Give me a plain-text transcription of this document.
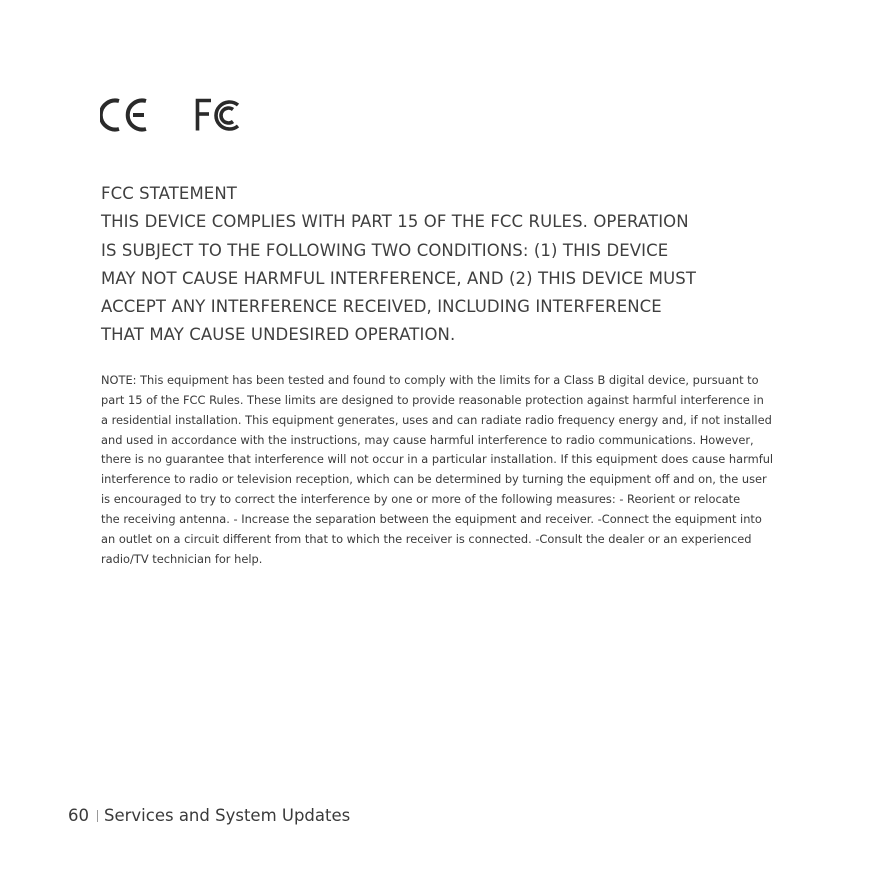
FCC STATEMENT
THIS DEVICE COMPLIES WITH PART 15 OF THE FCC RULES. OPERATION
IS SUBJECT TO THE FOLLOWING TWO CONDITIONS: (1) THIS DEVICE
MAY NOT CAUSE HARMFUL INTERFERENCE, AND (2) THIS DEVICE MUST
ACCEPT ANY INTERFERENCE RECEIVED, INCLUDING INTERFERENCE
THAT MAY CAUSE UNDESIRED OPERATION.
NOTE: This equipment has been tested and found to comply with the limits for a Class B digital device, pursuant to
part 15 of the FCC Rules. These limits are designed to provide reasonable protection against harmful interference in
a residential installation. This equipment generates, uses and can radiate radio frequency energy and, if not installed
and used in accordance with the instructions, may cause harmful interference to radio communications. However,
there is no guarantee that interference will not occur in a particular installation. If this equipment does cause harmful
interference to radio or television reception, which can be determined by turning the equipment off and on, the user
is encouraged to try to correct the interference by one or more of the following measures: - Reorient or relocate
the receiving antenna. - Increase the separation between the equipment and receiver. -Connect the equipment into
an outlet on a circuit different from that to which the receiver is connected. -Consult the dealer or an experienced
radio/TV technician for help.
60 Services and System Updates
